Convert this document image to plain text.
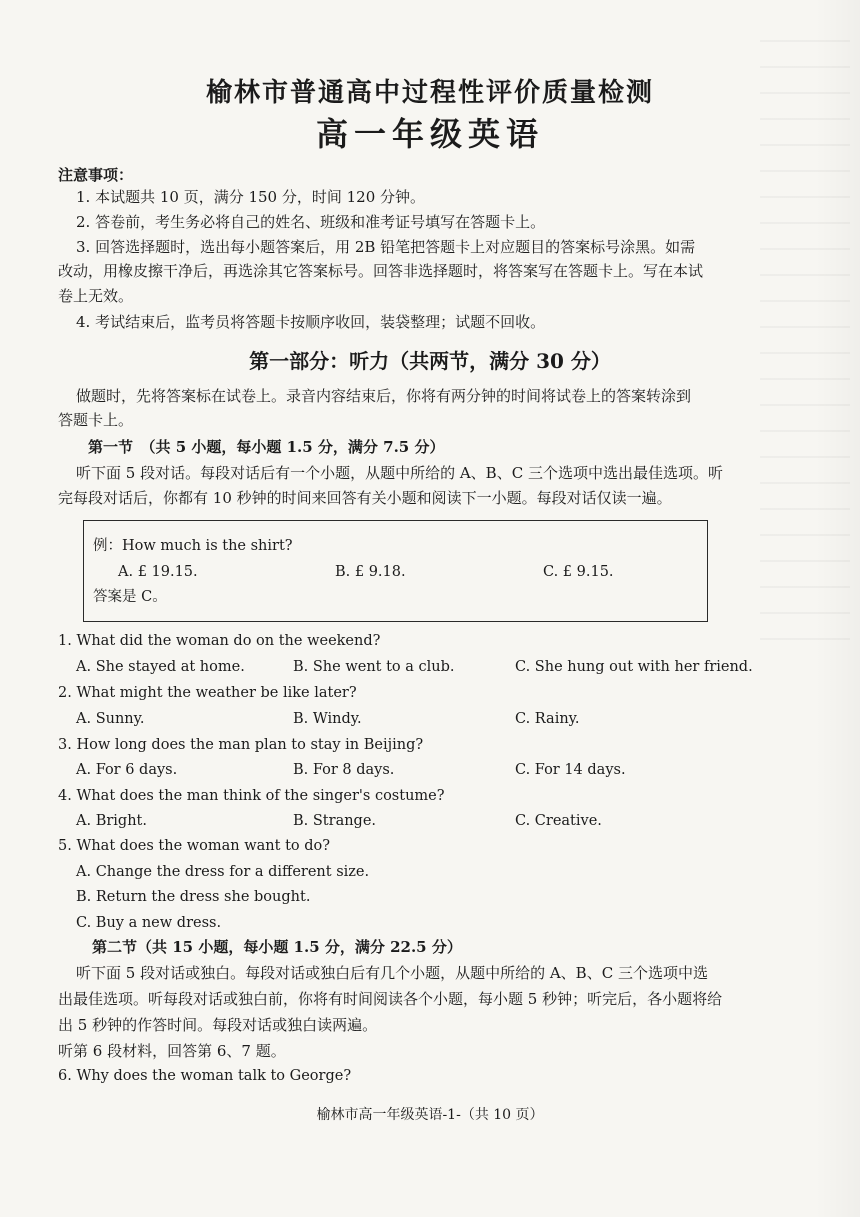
榆林市普通高中过程性评价质量检测
高一年级英语
注意事项：
1. 本试题共 10 页，满分 150 分，时间 120 分钟。
2. 答卷前，考生务必将自己的姓名、班级和准考证号填写在答题卡上。
3. 回答选择题时，选出每小题答案后，用 2B 铅笔把答题卡上对应题目的答案标号涂黑。如需
改动，用橡皮擦干净后，再选涂其它答案标号。回答非选择题时，将答案写在答题卡上。写在本试
卷上无效。
4. 考试结束后，监考员将答题卡按顺序收回，装袋整理；试题不回收。
第一部分：听力（共两节，满分 30 分）
做题时，先将答案标在试卷上。录音内容结束后，你将有两分钟的时间将试卷上的答案转涂到
答题卡上。
第一节　（共 5 小题，每小题 1.5 分，满分 7.5 分）
听下面 5 段对话。每段对话后有一个小题，从题中所给的 A、B、C 三个选项中选出最佳选项。听
完每段对话后，你都有 10 秒钟的时间来回答有关小题和阅读下一小题。每段对话仅读一遍。
例：How much is the shirt?
A. £ 19.15.	B. £ 9.18.	C. £ 9.15.
答案是 C。
1. What did the woman do on the weekend?
A. She stayed at home.	B. She went to a club.	C. She hung out with her friend.
2. What might the weather be like later?
A. Sunny.	B. Windy.	C. Rainy.
3. How long does the man plan to stay in Beijing?
A. For 6 days.	B. For 8 days.	C. For 14 days.
4. What does the man think of the singer's costume?
A. Bright.	B. Strange.	C. Creative.
5. What does the woman want to do?
A. Change the dress for a different size.
B. Return the dress she bought.
C. Buy a new dress.
第二节（共 15 小题，每小题 1.5 分，满分 22.5 分）
听下面 5 段对话或独白。每段对话或独白后有几个小题，从题中所给的 A、B、C 三个选项中选
出最佳选项。听每段对话或独白前，你将有时间阅读各个小题，每小题 5 秒钟；听完后，各小题将给
出 5 秒钟的作答时间。每段对话或独白读两遍。
听第 6 段材料，回答第 6、7 题。
6. Why does the woman talk to George?
榆林市高一年级英语-1-（共 10 页）
